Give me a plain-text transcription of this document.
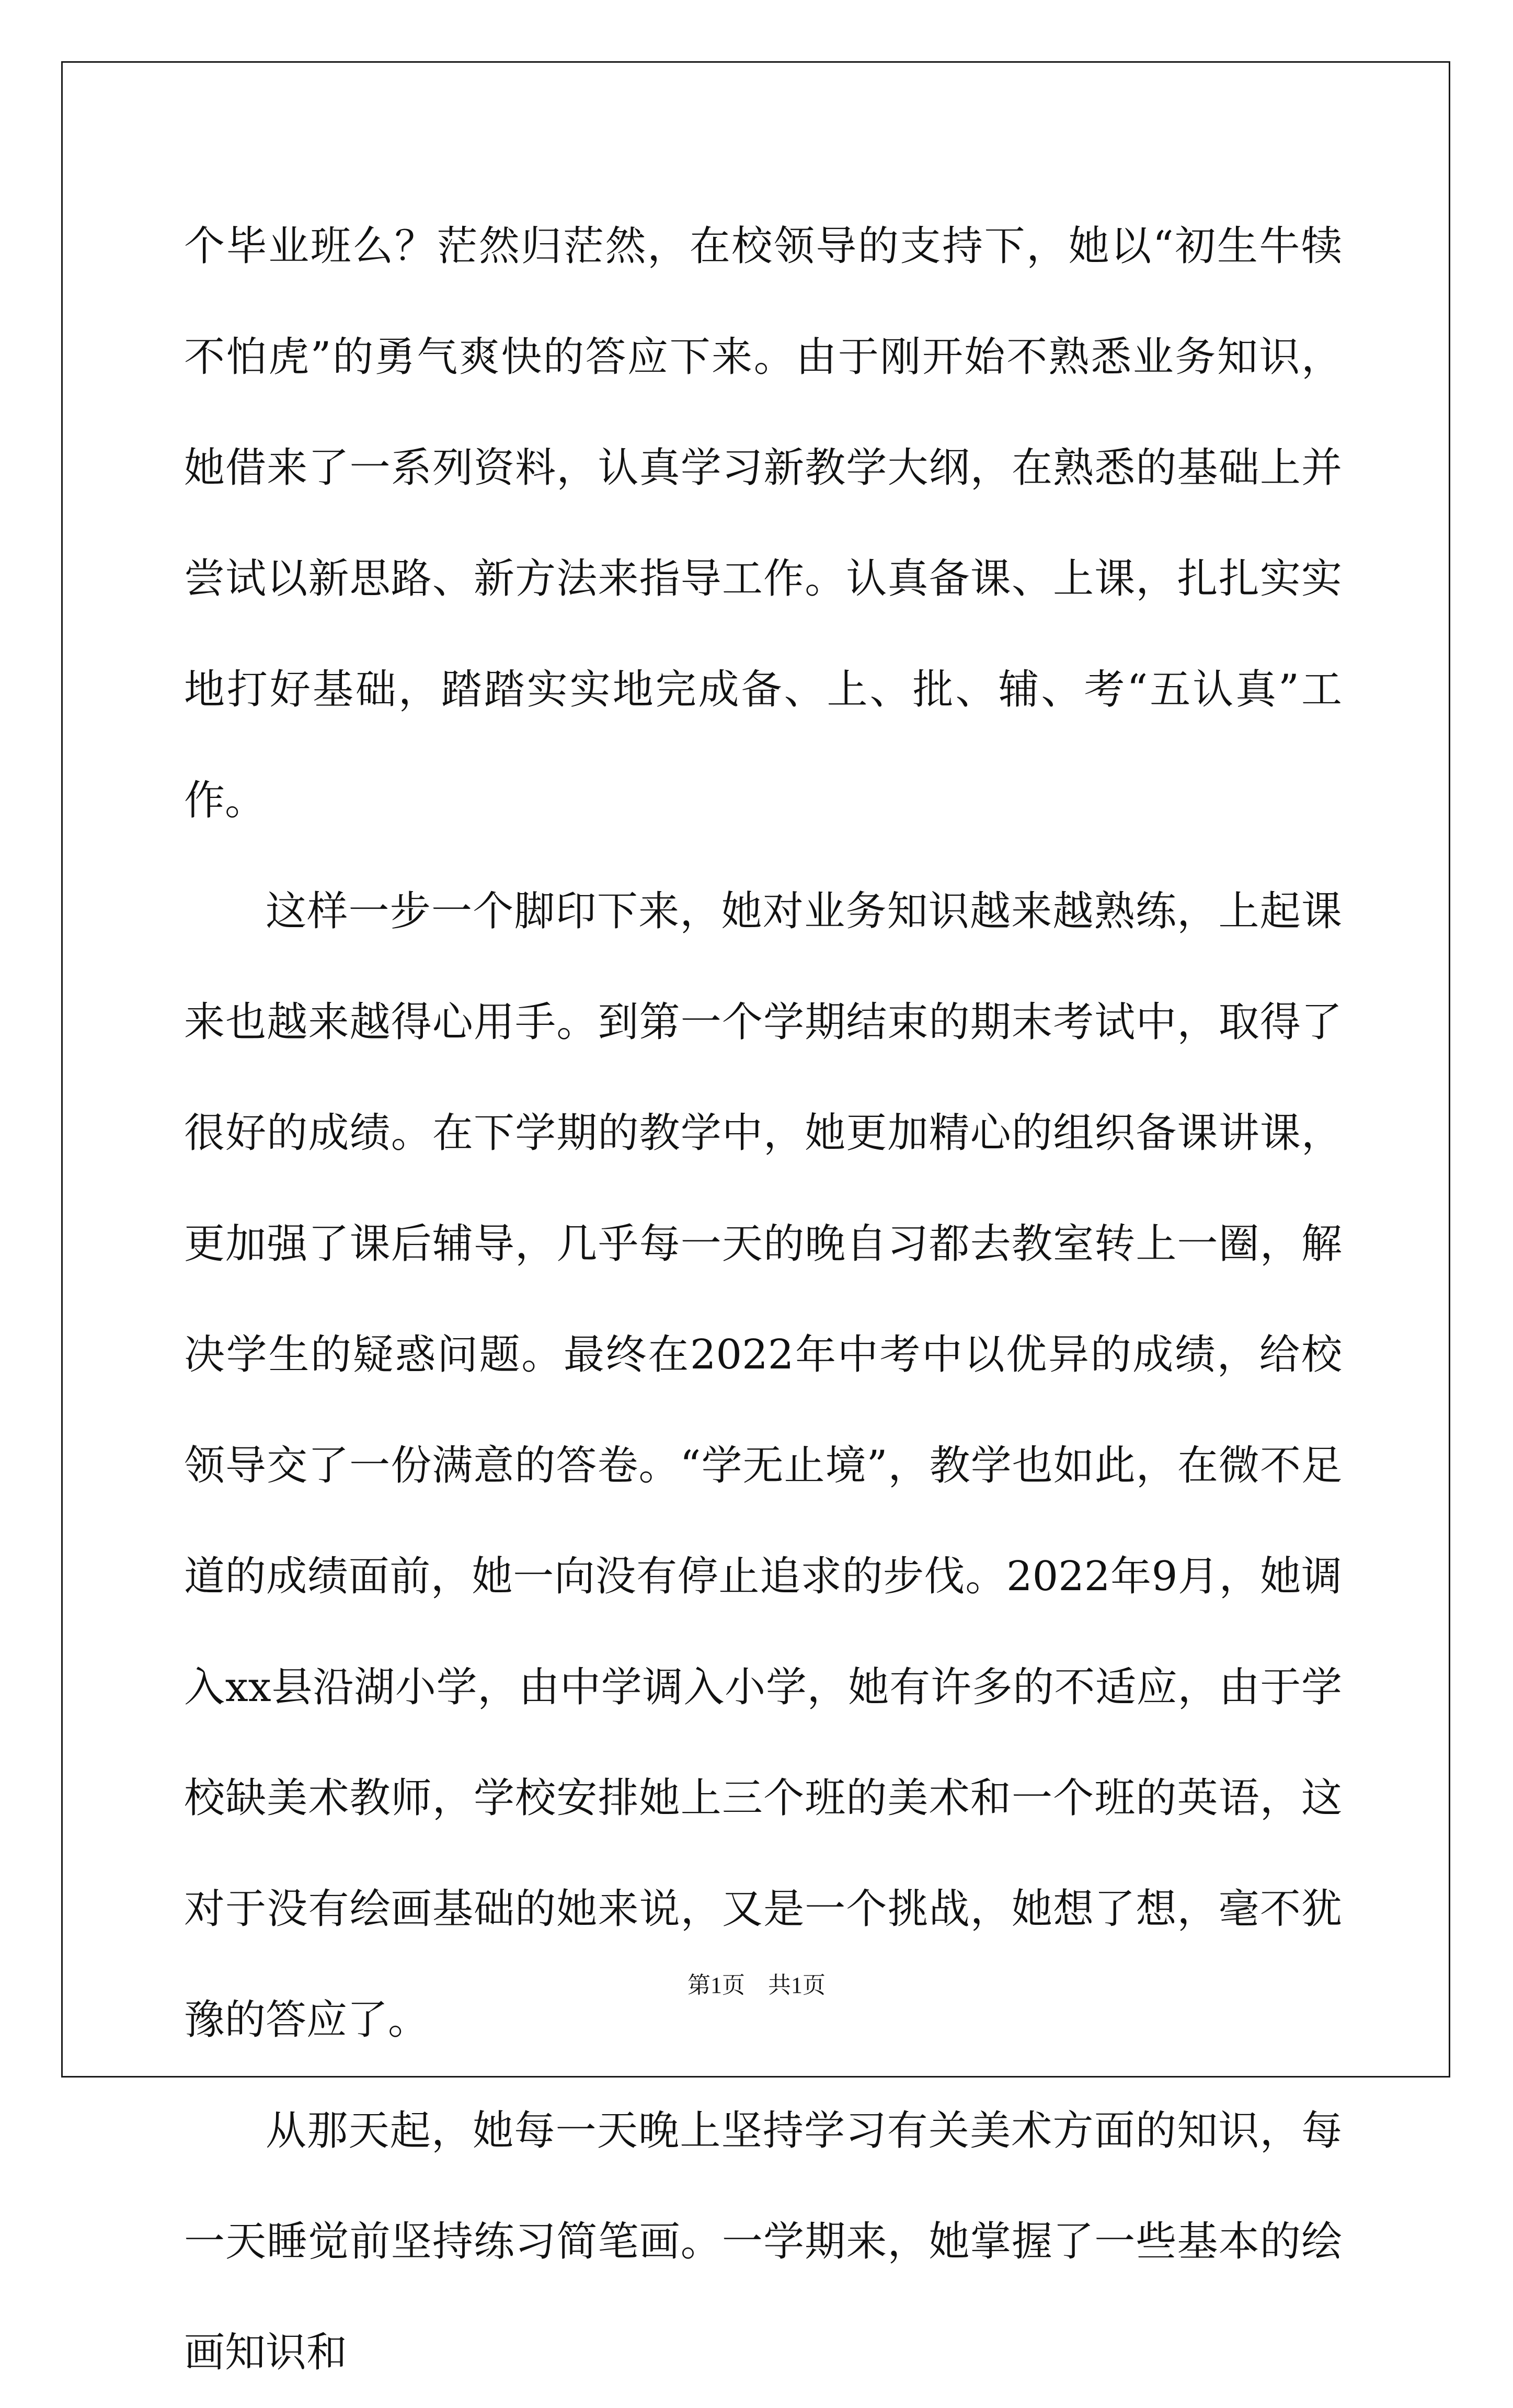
个毕业班么？茫然归茫然，在校领导的支持下，她以“初生牛犊不怕虎”的勇气爽快的答应下来。由于刚开始不熟悉业务知识，她借来了一系列资料，认真学习新教学大纲，在熟悉的基础上并尝试以新思路、新方法来指导工作。认真备课、上课，扎扎实实地打好基础，踏踏实实地完成备、上、批、辅、考“五认真”工作。

这样一步一个脚印下来，她对业务知识越来越熟练，上起课来也越来越得心用手。到第一个学期结束的期末考试中，取得了很好的成绩。在下学期的教学中，她更加精心的组织备课讲课，更加强了课后辅导，几乎每一天的晚自习都去教室转上一圈，解决学生的疑惑问题。最终在2022年中考中以优异的成绩，给校领导交了一份满意的答卷。“学无止境”，教学也如此，在微不足道的成绩面前，她一向没有停止追求的步伐。2022年9月，她调入xx县沿湖小学，由中学调入小学，她有许多的不适应，由于学校缺美术教师，学校安排她上三个班的美术和一个班的英语，这对于没有绘画基础的她来说，又是一个挑战，她想了想，毫不犹豫的答应了。

从那天起，她每一天晚上坚持学习有关美术方面的知识，每一天睡觉前坚持练习简笔画。一学期来，她掌握了一些基本的绘画知识和

第1页　共1页
